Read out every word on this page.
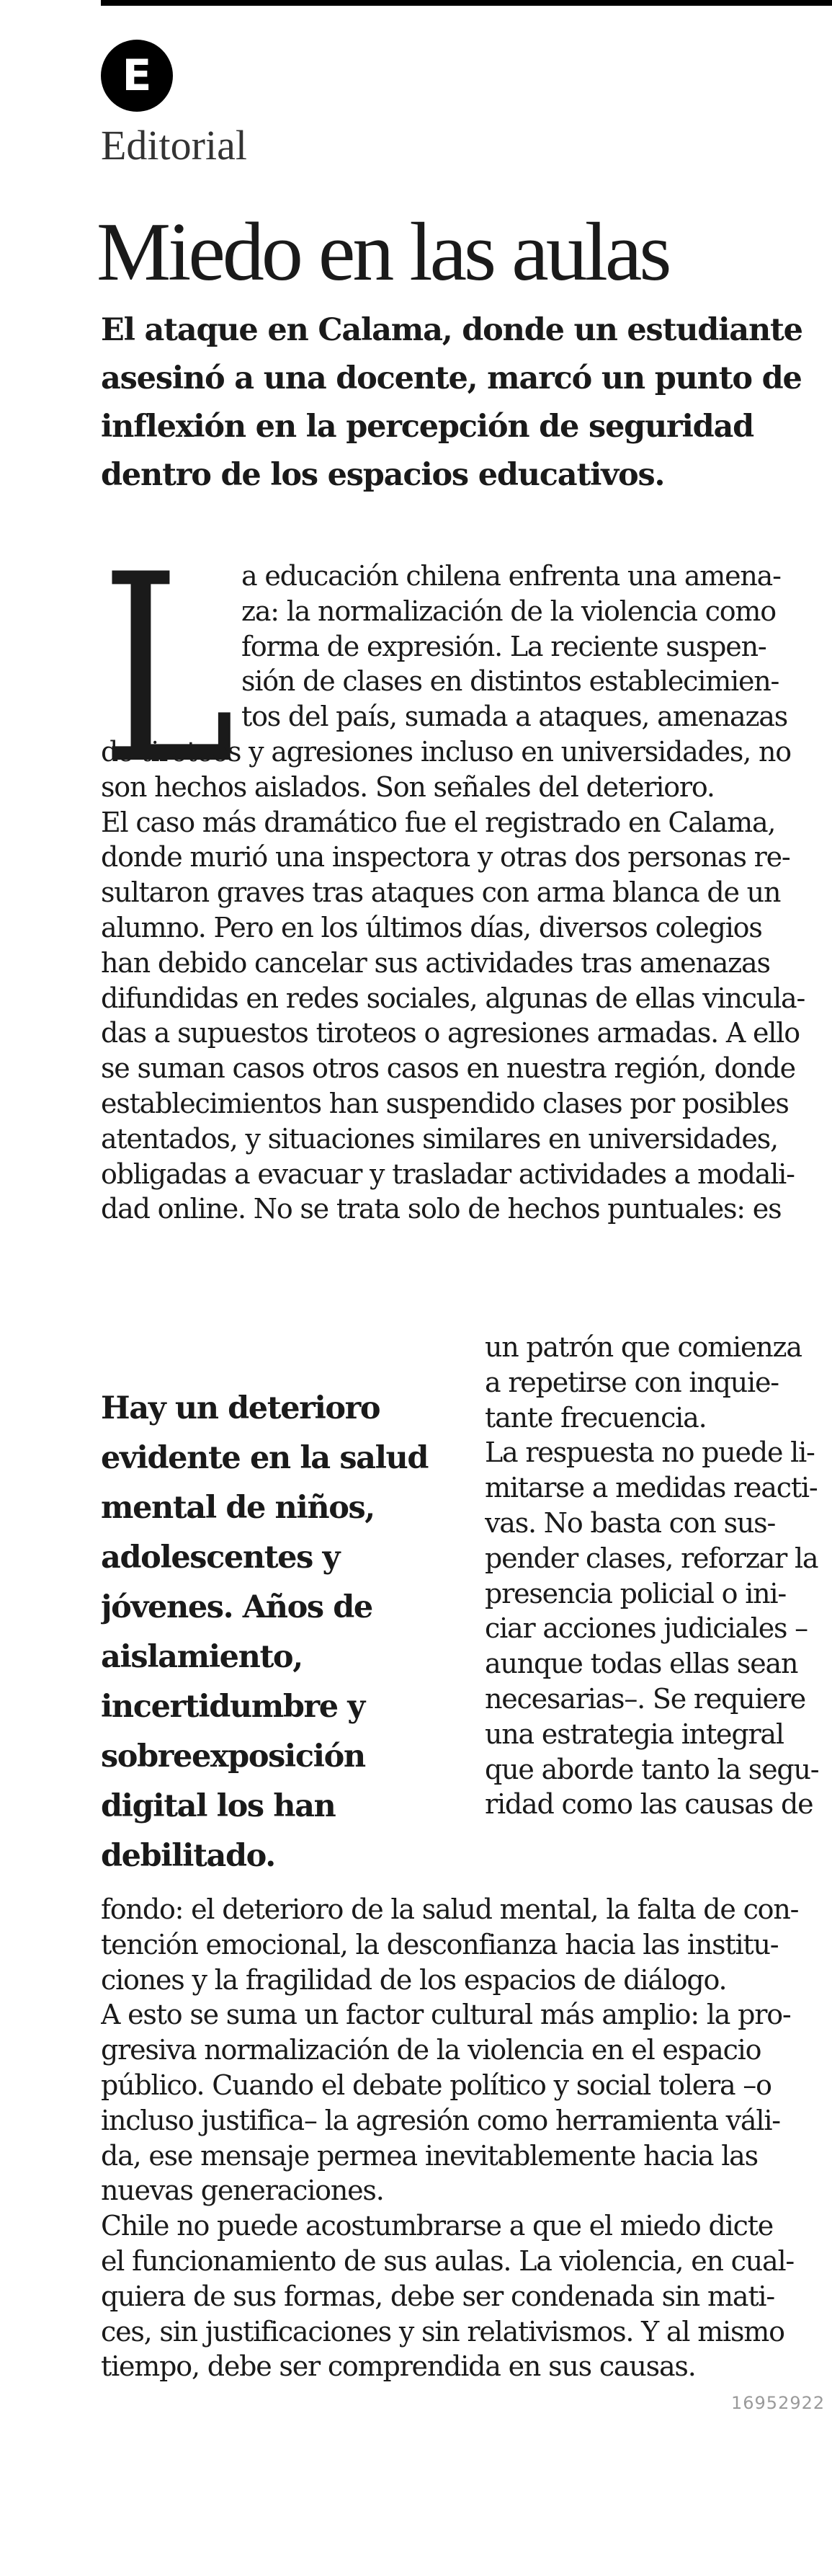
E
Editorial
Miedo en las aulas

El ataque en Calama, donde un estudiante
asesinó a una docente, marcó un punto de
inflexión en la percepción de seguridad
dentro de los espacios educativos.

L a educación chilena enfrenta una amena-
za: la normalización de la violencia como
forma de expresión. La reciente suspen-
sión de clases en distintos establecimien-
tos del país, sumada a ataques, amenazas
de tiroteos y agresiones incluso en universidades, no
son hechos aislados. Son señales del deterioro.
El caso más dramático fue el registrado en Calama,
donde murió una inspectora y otras dos personas re-
sultaron graves tras ataques con arma blanca de un
alumno. Pero en los últimos días, diversos colegios
han debido cancelar sus actividades tras amenazas
difundidas en redes sociales, algunas de ellas vincula-
das a supuestos tiroteos o agresiones armadas. A ello
se suman casos otros casos en nuestra región, donde
establecimientos han suspendido clases por posibles
atentados, y situaciones similares en universidades,
obligadas a evacuar y trasladar actividades a modali-
dad online. No se trata solo de hechos puntuales: es
Hay un deterioro
evidente en la salud
mental de niños,
adolescentes y
jóvenes. Años de
aislamiento,
incertidumbre y
sobreexposición
digital los han
debilitado.
un patrón que comienza
a repetirse con inquie-
tante frecuencia.
La respuesta no puede li-
mitarse a medidas reacti-
vas. No basta con sus-
pender clases, reforzar la
presencia policial o ini-
ciar acciones judiciales –
aunque todas ellas sean
necesarias–. Se requiere
una estrategia integral
que aborde tanto la segu-
ridad como las causas de
fondo: el deterioro de la salud mental, la falta de con-
tención emocional, la desconfianza hacia las institu-
ciones y la fragilidad de los espacios de diálogo.
A esto se suma un factor cultural más amplio: la pro-
gresiva normalización de la violencia en el espacio
público. Cuando el debate político y social tolera –o
incluso justifica– la agresión como herramienta váli-
da, ese mensaje permea inevitablemente hacia las
nuevas generaciones.
Chile no puede acostumbrarse a que el miedo dicte
el funcionamiento de sus aulas. La violencia, en cual-
quiera de sus formas, debe ser condenada sin mati-
ces, sin justificaciones y sin relativismos. Y al mismo
tiempo, debe ser comprendida en sus causas.
16952922
